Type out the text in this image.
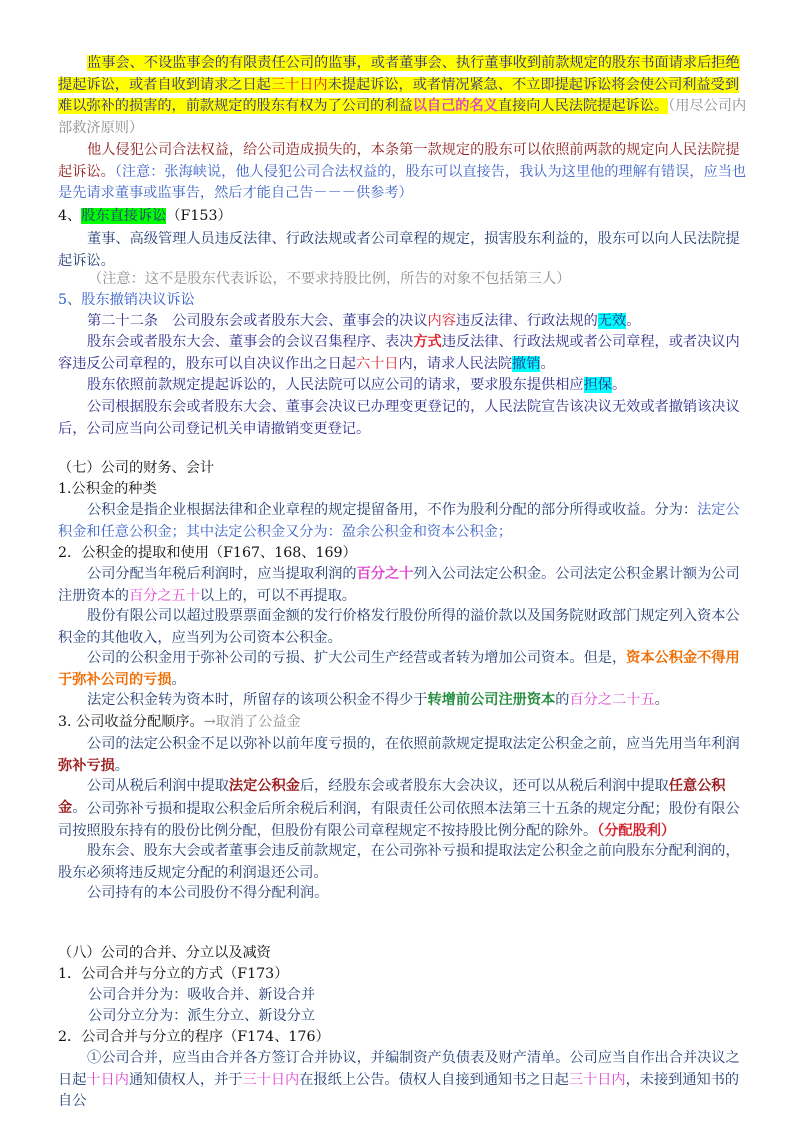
监事会、不设监事会的有限责任公司的监事，或者董事会、执行董事收到前款规定的股东书面请求后拒绝提起诉讼，或者自收到请求之日起三十日内未提起诉讼，或者情况紧急、不立即提起诉讼将会使公司利益受到难以弥补的损害的，前款规定的股东有权为了公司的利益以自己的名义直接向人民法院提起诉讼。（用尽公司内部救济原则）

他人侵犯公司合法权益，给公司造成损失的，本条第一款规定的股东可以依照前两款的规定向人民法院提起诉讼。（注意：张海峡说，他人侵犯公司合法权益的，股东可以直接告，我认为这里他的理解有错误，应当也是先请求董事或监事告，然后才能自己告－－－供参考）

4、股东直接诉讼（F153）

董事、高级管理人员违反法律、行政法规或者公司章程的规定，损害股东利益的，股东可以向人民法院提起诉讼。

（注意：这不是股东代表诉讼，不要求持股比例，所告的对象不包括第三人）

5、股东撤销决议诉讼

第二十二条　公司股东会或者股东大会、董事会的决议内容违反法律、行政法规的无效。

股东会或者股东大会、董事会的会议召集程序、表决方式违反法律、行政法规或者公司章程，或者决议内容违反公司章程的，股东可以自决议作出之日起六十日内，请求人民法院撤销。

股东依照前款规定提起诉讼的，人民法院可以应公司的请求，要求股东提供相应担保。

公司根据股东会或者股东大会、董事会决议已办理变更登记的，人民法院宣告该决议无效或者撤销该决议后，公司应当向公司登记机关申请撤销变更登记。

（七）公司的财务、会计

1.公积金的种类

公积金是指企业根据法律和企业章程的规定提留备用，不作为股利分配的部分所得或收益。分为：法定公积金和任意公积金；其中法定公积金又分为：盈余公积金和资本公积金；

2．公积金的提取和使用（F167、168、169）

公司分配当年税后利润时，应当提取利润的百分之十列入公司法定公积金。公司法定公积金累计额为公司注册资本的百分之五十以上的，可以不再提取。

股份有限公司以超过股票票面金额的发行价格发行股份所得的溢价款以及国务院财政部门规定列入资本公积金的其他收入，应当列为公司资本公积金。

公司的公积金用于弥补公司的亏损、扩大公司生产经营或者转为增加公司资本。但是，资本公积金不得用于弥补公司的亏损。

法定公积金转为资本时，所留存的该项公积金不得少于转增前公司注册资本的百分之二十五。

3. 公司收益分配顺序。→取消了公益金

公司的法定公积金不足以弥补以前年度亏损的，在依照前款规定提取法定公积金之前，应当先用当年利润弥补亏损。

公司从税后利润中提取法定公积金后，经股东会或者股东大会决议，还可以从税后利润中提取任意公积金。 公司弥补亏损和提取公积金后所余税后利润，有限责任公司依照本法第三十五条的规定分配；股份有限公司按照股东持有的股份比例分配，但股份有限公司章程规定不按持股比例分配的除外。（分配股利）

股东会、股东大会或者董事会违反前款规定，在公司弥补亏损和提取法定公积金之前向股东分配利润的，股东必须将违反规定分配的利润退还公司。

公司持有的本公司股份不得分配利润。

（八）公司的合并、分立以及减资

1．公司合并与分立的方式（F173）

公司合并分为：吸收合并、新设合并

公司分立分为：派生分立、新设分立

2．公司合并与分立的程序（F174、176）

①公司合并，应当由合并各方签订合并协议，并编制资产负债表及财产清单。公司应当自作出合并决议之日起十日内通知债权人，并于三十日内在报纸上公告。债权人自接到通知书之日起三十日内，未接到通知书的自公
